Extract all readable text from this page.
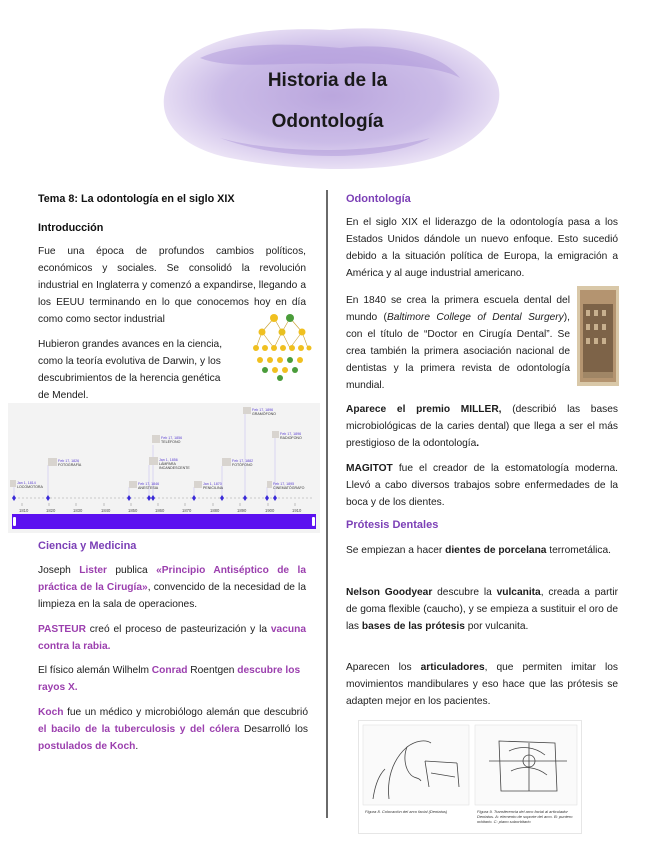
Historia de la
Odontología
Tema 8: La odontología en el siglo XIX
Introducción

Fue una época de profundos cambios políticos, económicos y sociales. Se consolidó la revolución industrial en Inglaterra y comenzó a expandirse, llegando a los EEUU terminando en lo que conocemos hoy en día como como sector industrial

Hubieron grandes avances en la ciencia,
como la teoría evolutiva de Darwin, y los
descubrimientos de la herencia genética
de Mendel.
1810	1820	1830	1840	1850	1860	1870	1880	1890	1900	1910
Jan 1, 1814
LOCOMOTORA
Feb 17, 1826
FOTOGRAFÍA
Feb 17, 1846
ANESTESIA
Feb 17, 1856
TELÉFONO
Jan 1, 1856
LÁMPARA INCANDESCENTE
Jan 1, 1870
PENICILINA
Feb 17, 1882
FOTÓFONO
Feb 17, 1895
CINEMATÓGRAFO
Feb 17, 1896
RADIOFONO
Feb 17, 1896
GRAMÓFONO
Ciencia y Medicina

Joseph Lister publica «Principio Antiséptico de la práctica de la Cirugía», convencido de la necesidad de la limpieza en la sala de operaciones.

PASTEUR creó el proceso de pasteurización y la vacuna contra la rabia.

El físico alemán Wilhelm Conrad Roentgen descubre los rayos X.

Koch fue un médico y microbiólogo alemán que descubrió el bacilo de la tuberculosis y del cólera Desarrolló los postulados de Koch.

Odontología

En el siglo XIX el liderazgo de la odontología pasa a los Estados Unidos dándole un nuevo enfoque. Esto sucedió debido a la situación política de Europa, la emigración a América y al auge industrial americano.

En 1840 se crea la primera escuela dental del mundo (Baltimore College of Dental Surgery), con el título de “Doctor en Cirugía Dental”. Se crea también la primera asociación nacional de dentistas y la primera revista de odontología mundial.

Aparece el premio MILLER, (describió las bases microbiológicas de la caries dental) que llega a ser el más prestigioso de la odontología.

MAGITOT fue el creador de la estomatología moderna. Llevó a cabo diversos trabajos sobre enfermedades de la boca y de los dientes.

Prótesis Dentales

Se empiezan a hacer dientes de porcelana terrometálica.

Nelson Goodyear descubre la vulcanita, creada a partir de goma flexible (caucho), y se empieza a sustituir el oro de las bases de las prótesis por vulcanita.

Aparecen los articuladores, que permiten imitar los movimientos mandibulares y eso hace que las prótesis se adapten mejor en los pacientes.

Figura 8. Colocación del arco facial (Dentatus)	Figura 9. Transferencia del arco facial al articulador Dentatus. A: elemento de soporte del arco. B: puntero orbitario. C: plano suborbitario
